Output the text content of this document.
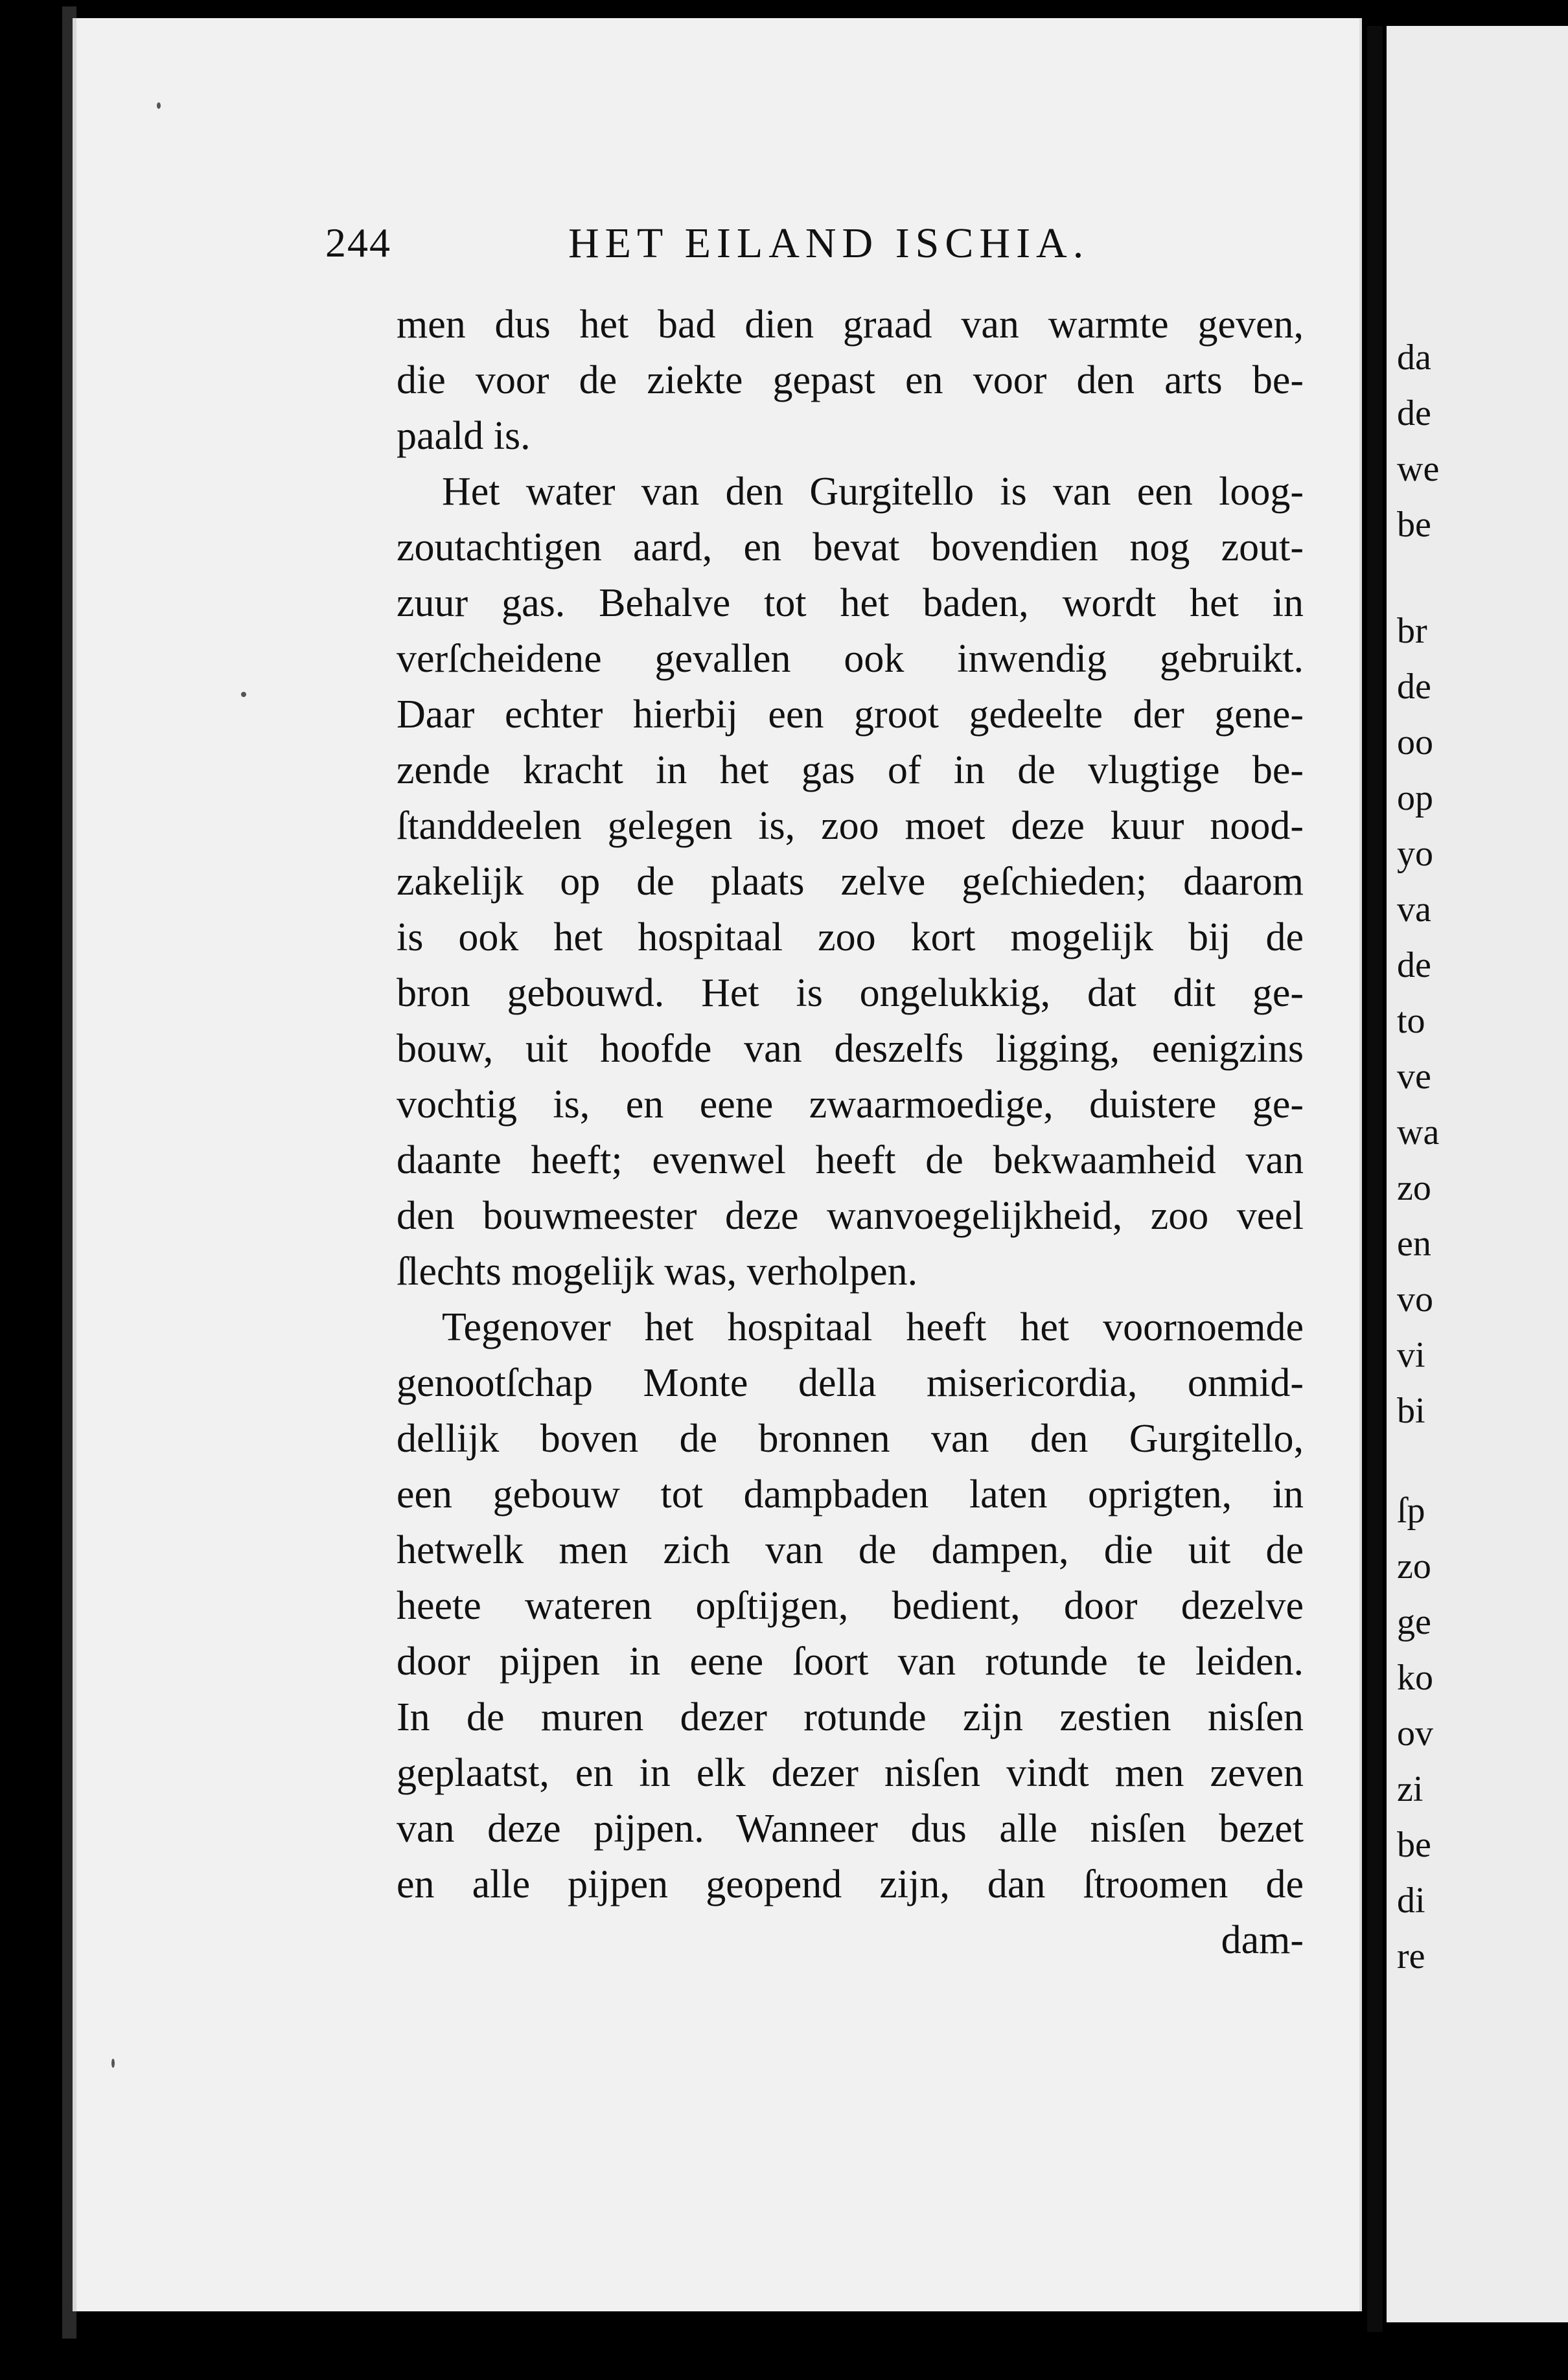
244	HET EILAND ISCHIA.
men dus het bad dien graad van warmte geven,
die voor de ziekte gepast en voor den arts be-
paald is.
Het water van den Gurgitello is van een loog-
zoutachtigen aard, en bevat bovendien nog zout-
zuur gas. Behalve tot het baden, wordt het in
verſcheidene gevallen ook inwendig gebruikt.
Daar echter hierbij een groot gedeelte der gene-
zende kracht in het gas of in de vlugtige be-
ſtanddeelen gelegen is, zoo moet deze kuur nood-
zakelijk op de plaats zelve geſchieden; daarom
is ook het hospitaal zoo kort mogelijk bij de
bron gebouwd. Het is ongelukkig, dat dit ge-
bouw, uit hoofde van deszelfs ligging, eenigzins
vochtig is, en eene zwaarmoedige, duistere ge-
daante heeft; evenwel heeft de bekwaamheid van
den bouwmeester deze wanvoegelijkheid, zoo veel
ſlechts mogelijk was, verholpen.
Tegenover het hospitaal heeft het voornoemde
genootſchap Monte della misericordia, onmid-
dellijk boven de bronnen van den Gurgitello,
een gebouw tot dampbaden laten oprigten, in
hetwelk men zich van de dampen, die uit de
heete wateren opſtijgen, bedient, door dezelve
door pijpen in eene ſoort van rotunde te leiden.
In de muren dezer rotunde zijn zestien nisſen
geplaatst, en in elk dezer nisſen vindt men zeven
van deze pijpen. Wanneer dus alle nisſen bezet
en alle pijpen geopend zijn, dan ſtroomen de
dam-
da
de
we
be
br
de
oo
op
yo
va
de
to
ve
wa
zo
en
vo
vi
bi
ſp
zo
ge
ko
ov
zi
be
di
re
